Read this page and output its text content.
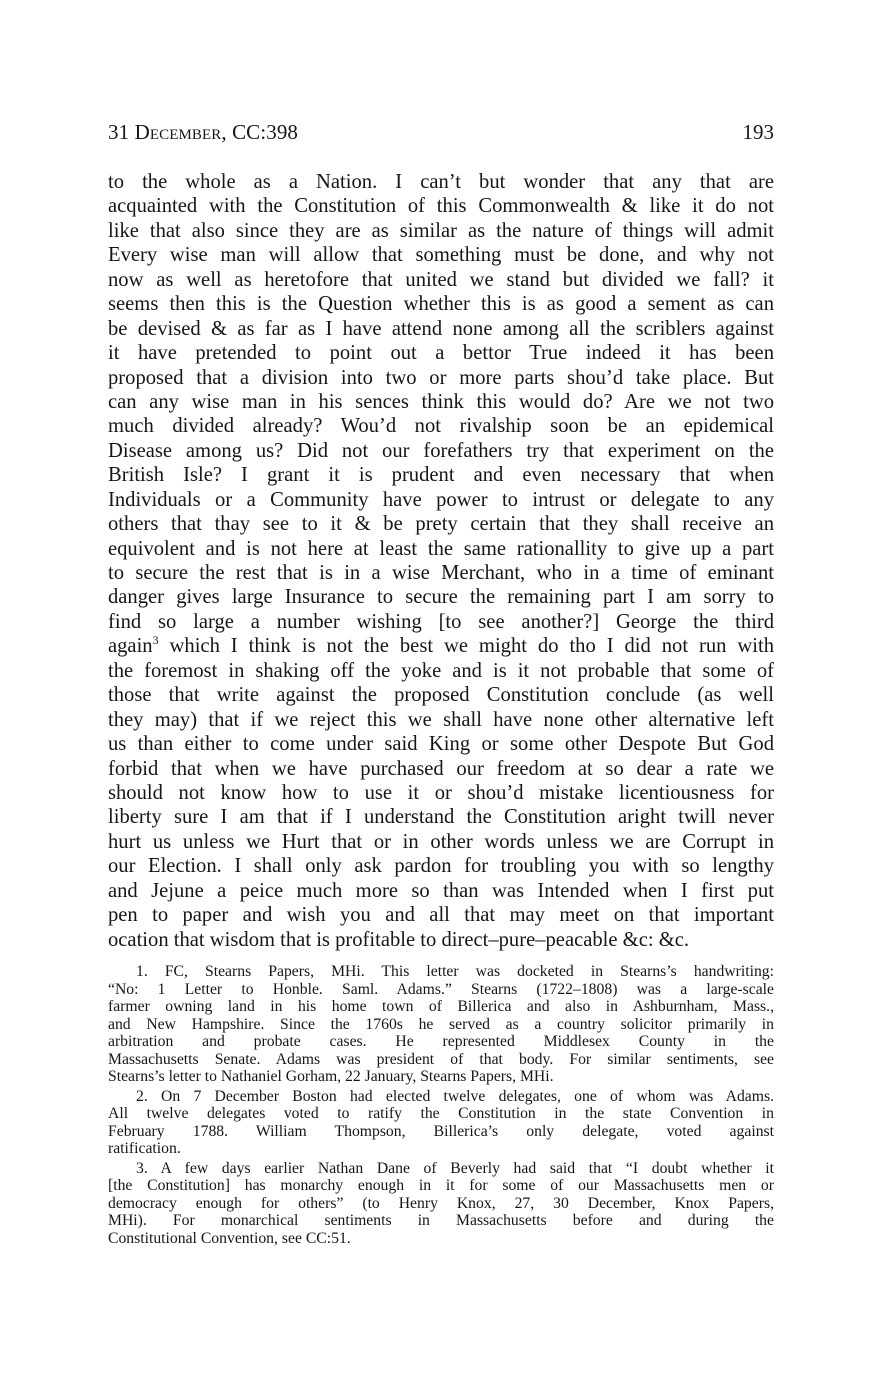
31 December, CC:398	193
to the whole as a Nation. I can’t but wonder that any that are
acquainted with the Constitution of this Commonwealth & like it do not
like that also since they are as similar as the nature of things will admit
Every wise man will allow that something must be done, and why not
now as well as heretofore that united we stand but divided we fall? it
seems then this is the Question whether this is as good a sement as can
be devised & as far as I have attend none among all the scriblers against
it have pretended to point out a bettor True indeed it has been
proposed that a division into two or more parts shou’d take place. But
can any wise man in his sences think this would do? Are we not two
much divided already? Wou’d not rivalship soon be an epidemical
Disease among us? Did not our forefathers try that experiment on the
British Isle? I grant it is prudent and even necessary that when
Individuals or a Community have power to intrust or delegate to any
others that thay see to it & be prety certain that they shall receive an
equivolent and is not here at least the same rationallity to give up a part
to secure the rest that is in a wise Merchant, who in a time of eminant
danger gives large Insurance to secure the remaining part I am sorry to
find so large a number wishing [to see another?] George the third
again$^3$ which I think is not the best we might do tho I did not run with
the foremost in shaking off the yoke and is it not probable that some of
those that write against the proposed Constitution conclude (as well
they may) that if we reject this we shall have none other alternative left
us than either to come under said King or some other Despote But God
forbid that when we have purchased our freedom at so dear a rate we
should not know how to use it or shou’d mistake licentiousness for
liberty sure I am that if I understand the Constitution aright twill never
hurt us unless we Hurt that or in other words unless we are Corrupt in
our Election. I shall only ask pardon for troubling you with so lengthy
and Jejune a peice much more so than was Intended when I first put
pen to paper and wish you and all that may meet on that important
ocation that wisdom that is profitable to direct–pure–peacable &c: &c.
1. FC, Stearns Papers, MHi. This letter was docketed in Stearns’s handwriting:
“No: 1 Letter to Honble. Saml. Adams.” Stearns (1722–1808) was a large-scale
farmer owning land in his home town of Billerica and also in Ashburnham, Mass.,
and New Hampshire. Since the 1760s he served as a country solicitor primarily in
arbitration and probate cases. He represented Middlesex County in the
Massachusetts Senate. Adams was president of that body. For similar sentiments, see
Stearns’s letter to Nathaniel Gorham, 22 January, Stearns Papers, MHi.
2. On 7 December Boston had elected twelve delegates, one of whom was Adams.
All twelve delegates voted to ratify the Constitution in the state Convention in
February 1788. William Thompson, Billerica’s only delegate, voted against
ratification.
3. A few days earlier Nathan Dane of Beverly had said that “I doubt whether it
[the Constitution] has monarchy enough in it for some of our Massachusetts men or
democracy enough for others” (to Henry Knox, 27, 30 December, Knox Papers,
MHi). For monarchical sentiments in Massachusetts before and during the
Constitutional Convention, see CC:51.
